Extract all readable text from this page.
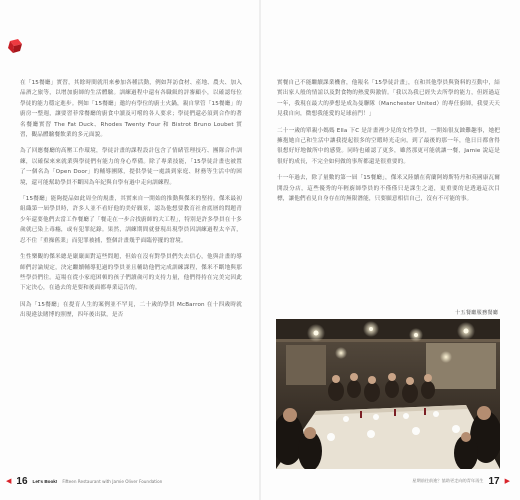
在「15餐廳」實習，其餘時間就用來參加各種活動，例如拜訪食材、產地、農夫、加入品酒之旅等，以增加廚師的生活體驗。訓練過程中還有各職級的評審顧小，以確認每位學徒的能力穩定進步。例如「15餐廳」邀約有學位的廚士火鍋，親自掌管「15餐廳」的廚房一整週，讓要習菲常餐廳的廚食中讀及可嚐的各人要求；學徒們還必須到合作的著名餐廳實習 The Fat Duck、Rhodes Twenty Four 和 Bistrot Bruno Loubet 實習，觀品體驗餐飲業的多元面貌。

為了回應餐廳的高壓工作環境，學徒計畫的課程設計包含了情緒管理技巧、團隊合作訓練，以確保來來就業與學徒們有能力的身心準備。除了專業技能，「15學徒計畫也被置了一個名為「Open Door」的輔導團隊，提供學徒一處談到家庭、財務等生活中的困境，還可能幫助學員不斷因為年紀與自學有過中走向訓練程。

「15餐廳」能夠提品如此周全的規畫，其實來自一開始的推動與傑米的堅持。傑米最初組織第一屆學員時，許多人並不看好他的美好願景，認為他想要教育社會底層的問題青少年還要他們去當工作餐廳了「餐走在一步合找廚師的大工程」，特別是許多學員在十多歲就已染上毒癮，或有犯罪紀錄。果然，訓練期間就發現出現學員因訓練過程太辛苦，忍不住「重操舊業」而犯罪被捕，整個計畫幾乎面臨停擺的窘境。

生性樂觀的傑米總是嚴嚴面對這些問題，但始在沒有對學員們失去信心，他與計畫的導師們討論規定，決定繼續輔導犯過的學員並且輔助他們完成訓練課程，傑米不斷地與那些學員們往。這場在從小家庭困頓的孩子們讀歲可的支持力量，他們得持在完美完因此下定決心，在過去的是要和後面都專業這告的。

因為「15餐廳」在提育人生的案例並不罕見，二十歲的學員 McBarron 在十四歲時就出現違法賭博的照歷，四年後出獄，是否

實餐自己不能繼續課業機會，他報名「15學徒計畫」，在和其他學員與資料的互動中，結實出家人般的情誼以及對食物的熱愛與激情。「我以為我已經失去所學的能力，但經過這一年，我現在最大的夢想是成為曼聯隊（Manchester United）的專任廚師，我要天天見我自向，微想我能愛的足球前門！」

二十一歲的單親小媽媽 Ella 下C 是計畫裡少見的女性學員，一開始很友蝕難趣事，她把擁抱她自己和生活中讓我提起很多的空暇時光走向，到了最後的那一年，他日日都會得很想好好地做所中的感覺。同時也確認了更多，雖然那更可能就讓一餐，Jamie 說這是很好的成長，不完全如何做的事所都還是很重要的。

十一年過去，除了量數的第一屆「15餐廳」，傑米又陸續在荷蘭阿姆斯特丹和英國康瓦爾開設分店，這些優秀的年輕廚師學員的不僅僅只是課生之道，更重要的是透過這次目標，讓他們看見自身存在的無限潛能，只要願意相信自己，沒有不可能的事。

十五餐廳服務餐廳
◀ 16 Let's Book! Fifteen Restaurant with Jamie Oliver Foundation	星期前往前進？協助更走向的青年再生 17 ▶
